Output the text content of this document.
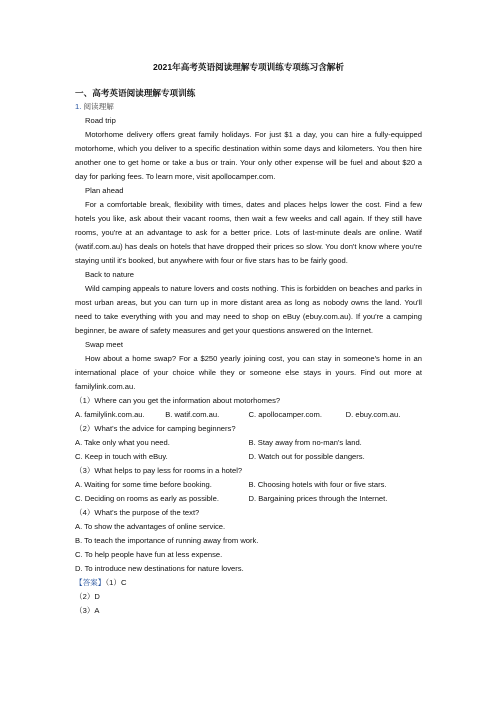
2021年高考英语阅读理解专项训练专项练习含解析
一、高考英语阅读理解专项训练
1. 阅读理解
Road trip
Motorhome delivery offers great family holidays. For just $1 a day, you can hire a fully-equipped motorhome, which you deliver to a specific destination within some days and kilometers. You then hire another one to get home or take a bus or train. Your only other expense will be fuel and about $20 a day for parking fees. To learn more, visit apollocamper.com.
Plan ahead
For a comfortable break, flexibility with times, dates and places helps lower the cost. Find a few hotels you like, ask about their vacant rooms, then wait a few weeks and call again. If they still have rooms, you're at an advantage to ask for a better price. Lots of last-minute deals are online. Watif (watif.com.au) has deals on hotels that have dropped their prices so slow. You don't know where you're staying until it's booked, but anywhere with four or five stars has to be fairly good.
Back to nature
Wild camping appeals to nature lovers and costs nothing. This is forbidden on beaches and parks in most urban areas, but you can turn up in more distant area as long as nobody owns the land. You'll need to take everything with you and may need to shop on eBuy (ebuy.com.au). If you're a camping beginner, be aware of safety measures and get your questions answered on the Internet.
Swap meet
How about a home swap? For a $250 yearly joining cost, you can stay in someone's home in an international place of your choice while they or someone else stays in yours. Find out more at familylink.com.au.
（1）Where can you get the information about motorhomes?
A. familylink.com.au.	B. watif.com.au.	C. apollocamper.com.	D. ebuy.com.au.
（2）What's the advice for camping beginners?
A. Take only what you need.	B. Stay away from no-man's land.
C. Keep in touch with eBuy.	D. Watch out for possible dangers.
（3）What helps to pay less for rooms in a hotel?
A. Waiting for some time before booking.	B. Choosing hotels with four or five stars.
C. Deciding on rooms as early as possible.	D. Bargaining prices through the Internet.
（4）What's the purpose of the text?
A. To show the advantages of online service.
B. To teach the importance of running away from work.
C. To help people have fun at less expense.
D. To introduce new destinations for nature lovers.
【答案】（1）C
（2）D
（3）A
